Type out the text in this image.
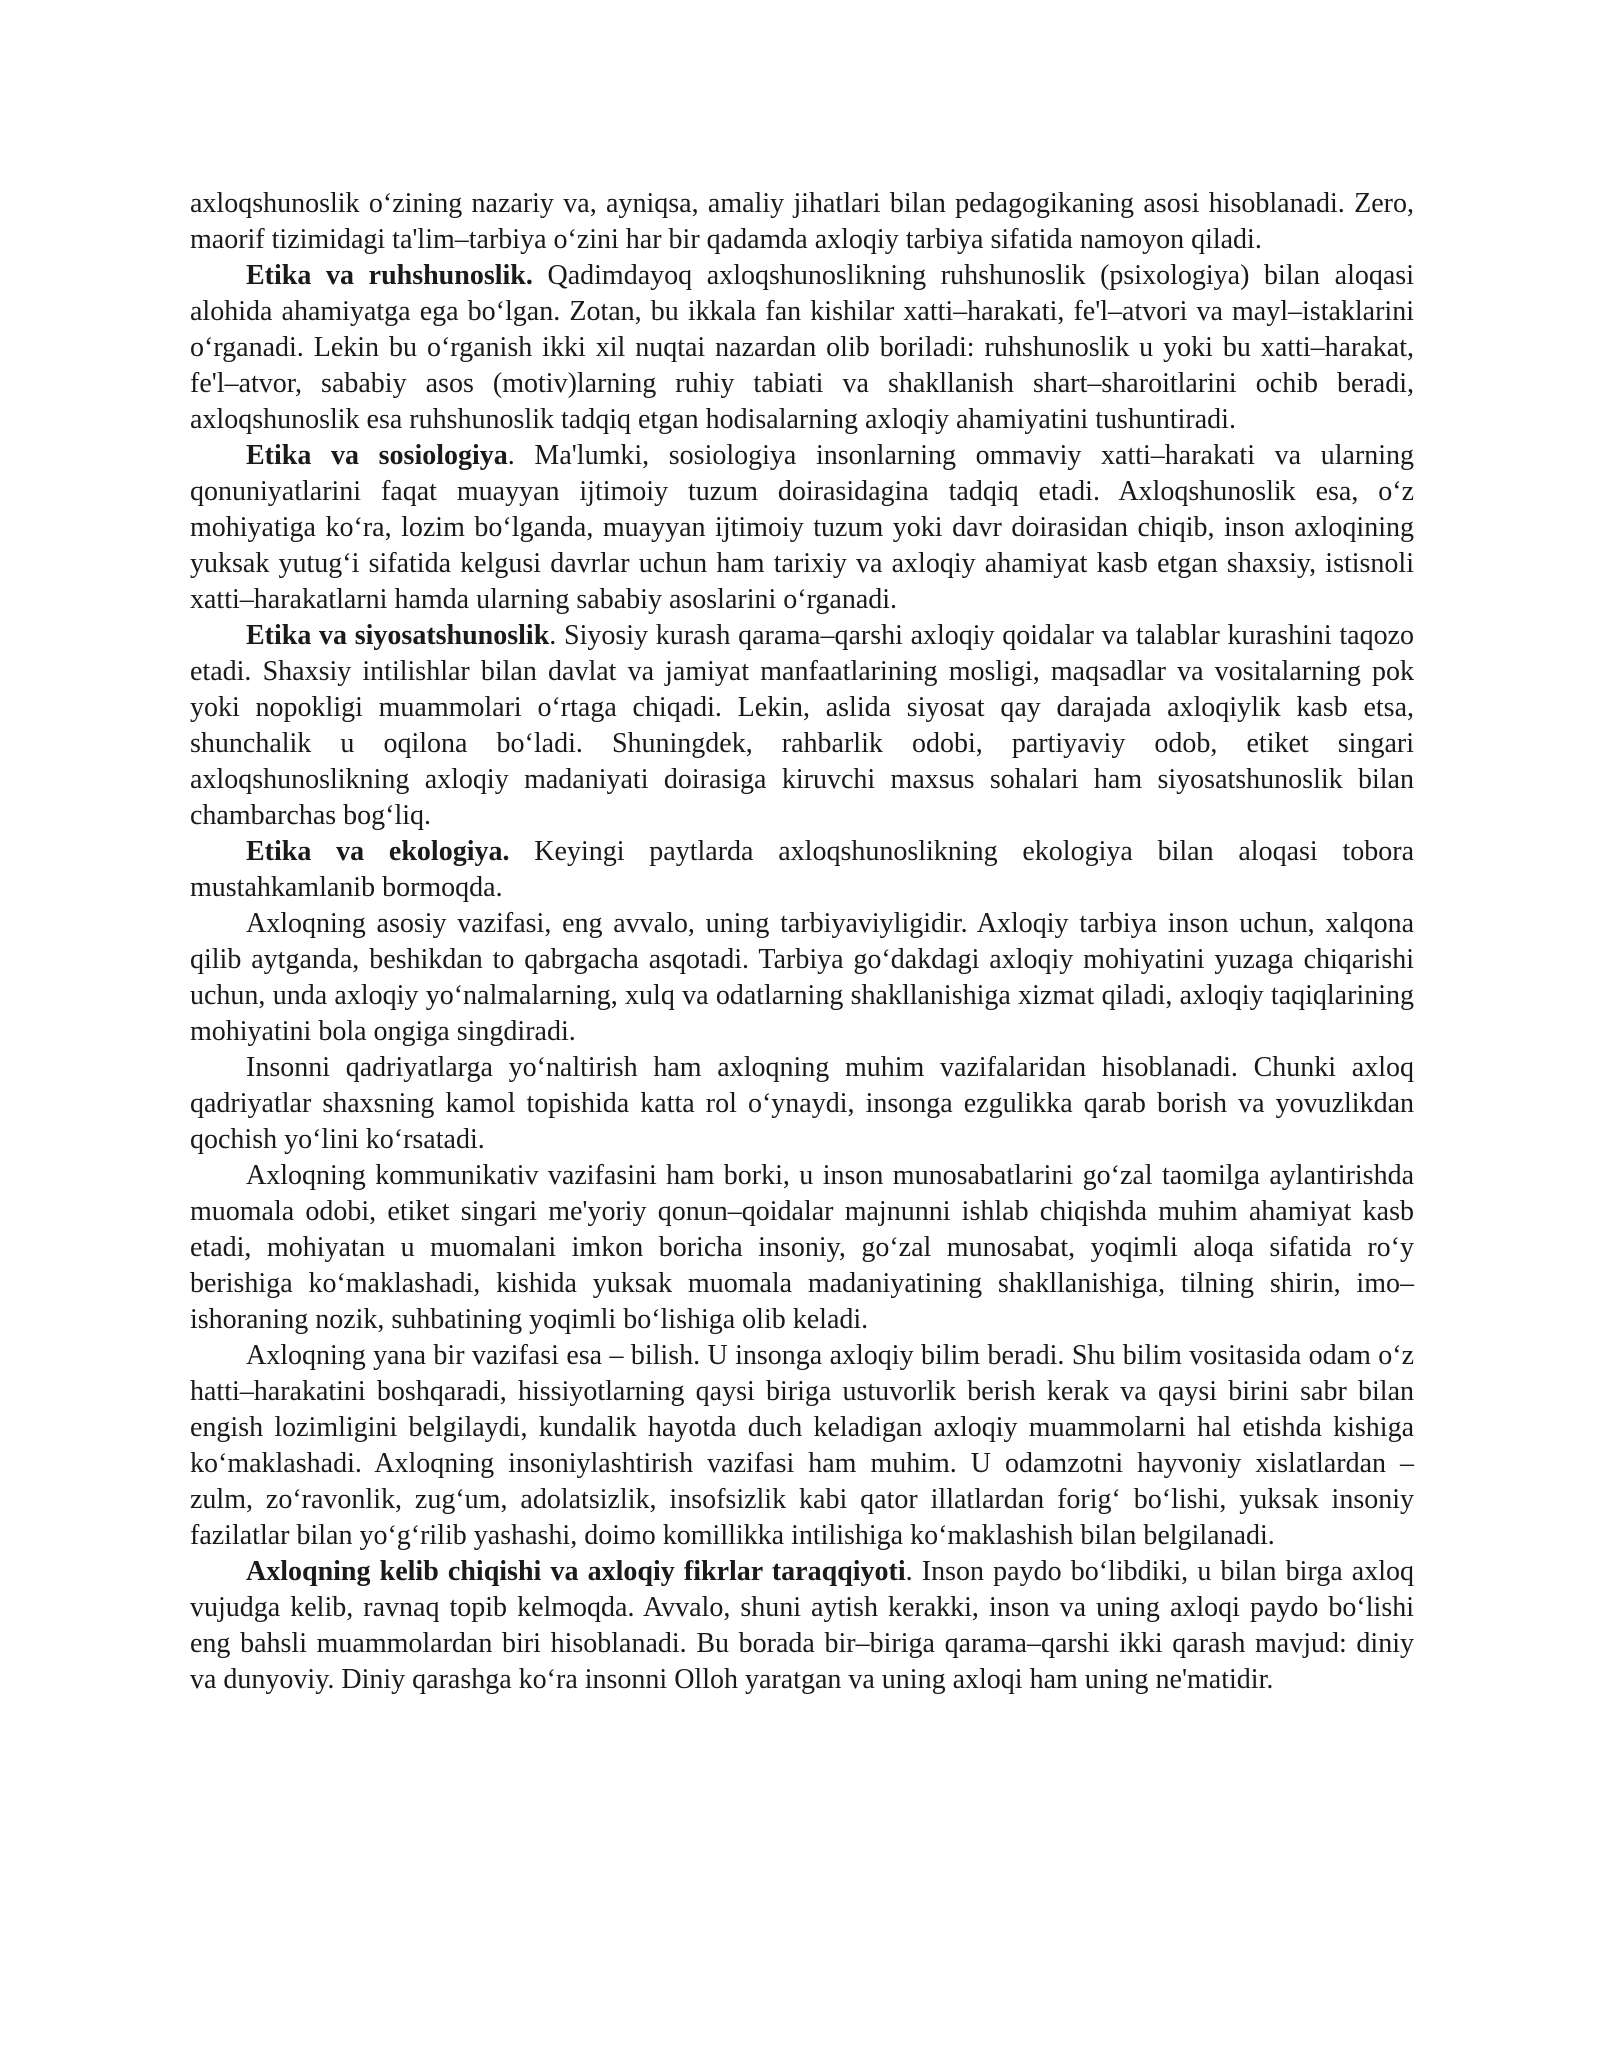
axloqshunoslik o‘zining nazariy va, ayniqsa, amaliy jihatlari bilan pedagogikaning asosi hisoblanadi. Zero, maorif tizimidagi ta'lim–tarbiya o‘zini har bir qadamda axloqiy tarbiya sifatida namoyon qiladi.

Etika va ruhshunoslik. Qadimdayoq axloqshunoslikning ruhshunoslik (psixologiya) bilan aloqasi alohida ahamiyatga ega bo‘lgan. Zotan, bu ikkala fan kishilar xatti–harakati, fe'l–atvori va mayl–istaklarini o‘rganadi. Lekin bu o‘rganish ikki xil nuqtai nazardan olib boriladi: ruhshunoslik u yoki bu xatti–harakat, fe'l–atvor, sababiy asos (motiv)larning ruhiy tabiati va shakllanish shart–sharoitlarini ochib beradi, axloqshunoslik esa ruhshunoslik tadqiq etgan hodisalarning axloqiy ahamiyatini tushuntiradi.

Etika va sosiologiya. Ma'lumki, sosiologiya insonlarning ommaviy xatti–harakati va ularning qonuniyatlarini faqat muayyan ijtimoiy tuzum doirasidagina tadqiq etadi. Axloqshunoslik esa, o‘z mohiyatiga ko‘ra, lozim bo‘lganda, muayyan ijtimoiy tuzum yoki davr doirasidan chiqib, inson axloqining yuksak yutug‘i sifatida kelgusi davrlar uchun ham tarixiy va axloqiy ahamiyat kasb etgan shaxsiy, istisnoli xatti–harakatlarni hamda ularning sababiy asoslarini o‘rganadi.

Etika va siyosatshunoslik. Siyosiy kurash qarama–qarshi axloqiy qoidalar va talablar kurashini taqozo etadi. Shaxsiy intilishlar bilan davlat va jamiyat manfaatlarining mosligi, maqsadlar va vositalarning pok yoki nopokligi muammolari o‘rtaga chiqadi. Lekin, aslida siyosat qay darajada axloqiylik kasb etsa, shunchalik u oqilona bo‘ladi. Shuningdek, rahbarlik odobi, partiyaviy odob, etiket singari axloqshunoslikning axloqiy madaniyati doirasiga kiruvchi maxsus sohalari ham siyosatshunoslik bilan chambarchas bog‘liq.

Etika va ekologiya. Keyingi paytlarda axloqshunoslikning ekologiya bilan aloqasi tobora mustahkamlanib bormoqda.

Axloqning asosiy vazifasi, eng avvalo, uning tarbiyaviyligidir. Axloqiy tarbiya inson uchun, xalqona qilib aytganda, beshikdan to qabrgacha asqotadi. Tarbiya go‘dakdagi axloqiy mohiyatini yuzaga chiqarishi uchun, unda axloqiy yo‘nalmalarning, xulq va odatlarning shakllanishiga xizmat qiladi, axloqiy taqiqlarining mohiyatini bola ongiga singdiradi.

Insonni qadriyatlarga yo‘naltirish ham axloqning muhim vazifalaridan hisoblanadi. Chunki axloq qadriyatlar shaxsning kamol topishida katta rol o‘ynaydi, insonga ezgulikka qarab borish va yovuzlikdan qochish yo‘lini ko‘rsatadi.

Axloqning kommunikativ vazifasini ham borki, u inson munosabatlarini go‘zal taomilga aylantirishda muomala odobi, etiket singari me'yoriy qonun–qoidalar majnunni ishlab chiqishda muhim ahamiyat kasb etadi, mohiyatan u muomalani imkon boricha insoniy, go‘zal munosabat, yoqimli aloqa sifatida ro‘y berishiga ko‘maklashadi, kishida yuksak muomala madaniyatining shakllanishiga, tilning shirin, imo–ishoraning nozik, suhbatining yoqimli bo‘lishiga olib keladi.

Axloqning yana bir vazifasi esa – bilish. U insonga axloqiy bilim beradi. Shu bilim vositasida odam o‘z hatti–harakatini boshqaradi, hissiyotlarning qaysi biriga ustuvorlik berish kerak va qaysi birini sabr bilan engish lozimligini belgilaydi, kundalik hayotda duch keladigan axloqiy muammolarni hal etishda kishiga ko‘maklashadi. Axloqning insoniylashtirish vazifasi ham muhim. U odamzotni hayvoniy xislatlardan – zulm, zo‘ravonlik, zug‘um, adolatsizlik, insofsizlik kabi qator illatlardan forig‘ bo‘lishi, yuksak insoniy fazilatlar bilan yo‘g‘rilib yashashi, doimo komillikka intilishiga ko‘maklashish bilan belgilanadi.

Axloqning kelib chiqishi va axloqiy fikrlar taraqqiyoti. Inson paydo bo‘libdiki, u bilan birga axloq vujudga kelib, ravnaq topib kelmoqda. Avvalo, shuni aytish kerakki, inson va uning axloqi paydo bo‘lishi eng bahsli muammolardan biri hisoblanadi. Bu borada bir–biriga qarama–qarshi ikki qarash mavjud: diniy va dunyoviy. Diniy qarashga ko‘ra insonni Olloh yaratgan va uning axloqi ham uning ne'matidir.
